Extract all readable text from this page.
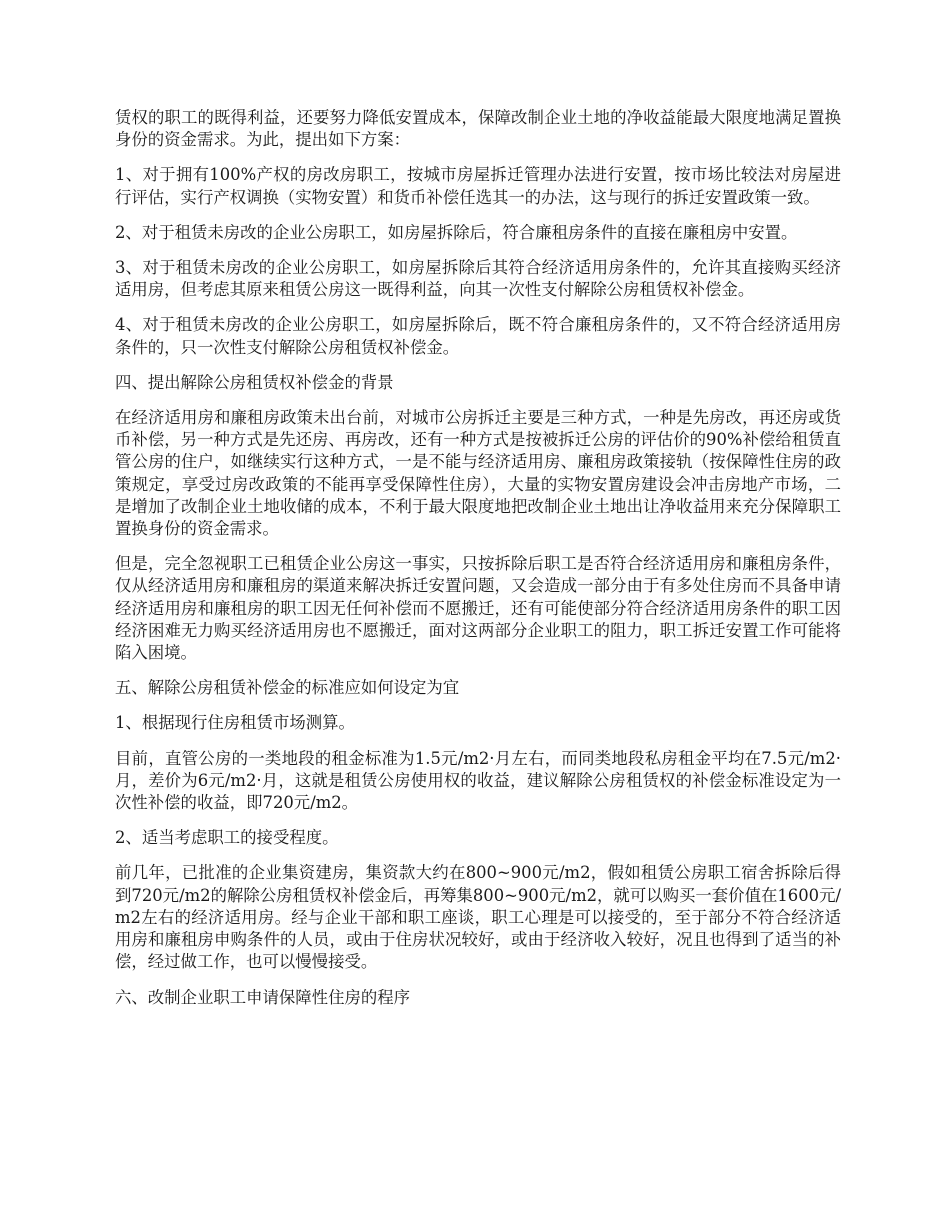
赁权的职工的既得利益，还要努力降低安置成本，保障改制企业土地的净收益能最大限度地满足置换身份的资金需求。为此，提出如下方案：

1、对于拥有100%产权的房改房职工，按城市房屋拆迁管理办法进行安置，按市场比较法对房屋进行评估，实行产权调换（实物安置）和货币补偿任选其一的办法，这与现行的拆迁安置政策一致。

2、对于租赁未房改的企业公房职工，如房屋拆除后，符合廉租房条件的直接在廉租房中安置。

3、对于租赁未房改的企业公房职工，如房屋拆除后其符合经济适用房条件的，允许其直接购买经济适用房，但考虑其原来租赁公房这一既得利益，向其一次性支付解除公房租赁权补偿金。

4、对于租赁未房改的企业公房职工，如房屋拆除后，既不符合廉租房条件的，又不符合经济适用房条件的，只一次性支付解除公房租赁权补偿金。

四、提出解除公房租赁权补偿金的背景

在经济适用房和廉租房政策未出台前，对城市公房拆迁主要是三种方式，一种是先房改，再还房或货币补偿，另一种方式是先还房、再房改，还有一种方式是按被拆迁公房的评估价的90%补偿给租赁直管公房的住户，如继续实行这种方式，一是不能与经济适用房、廉租房政策接轨（按保障性住房的政策规定，享受过房改政策的不能再享受保障性住房），大量的实物安置房建设会冲击房地产市场，二是增加了改制企业土地收储的成本，不利于最大限度地把改制企业土地出让净收益用来充分保障职工置换身份的资金需求。

但是，完全忽视职工已租赁企业公房这一事实，只按拆除后职工是否符合经济适用房和廉租房条件，仅从经济适用房和廉租房的渠道来解决拆迁安置问题，又会造成一部分由于有多处住房而不具备申请经济适用房和廉租房的职工因无任何补偿而不愿搬迁，还有可能使部分符合经济适用房条件的职工因经济困难无力购买经济适用房也不愿搬迁，面对这两部分企业职工的阻力，职工拆迁安置工作可能将陷入困境。

五、解除公房租赁补偿金的标准应如何设定为宜

1、根据现行住房租赁市场测算。

目前，直管公房的一类地段的租金标准为1.5元/m2·月左右，而同类地段私房租金平均在7.5元/m2·月，差价为6元/m2·月，这就是租赁公房使用权的收益，建议解除公房租赁权的补偿金标准设定为一次性补偿的收益，即720元/m2。

2、适当考虑职工的接受程度。

前几年，已批准的企业集资建房，集资款大约在800~900元/m2，假如租赁公房职工宿舍拆除后得到720元/m2的解除公房租赁权补偿金后，再筹集800~900元/m2，就可以购买一套价值在1600元/m2左右的经济适用房。经与企业干部和职工座谈，职工心理是可以接受的，至于部分不符合经济适用房和廉租房申购条件的人员，或由于住房状况较好，或由于经济收入较好，况且也得到了适当的补偿，经过做工作，也可以慢慢接受。

六、改制企业职工申请保障性住房的程序
